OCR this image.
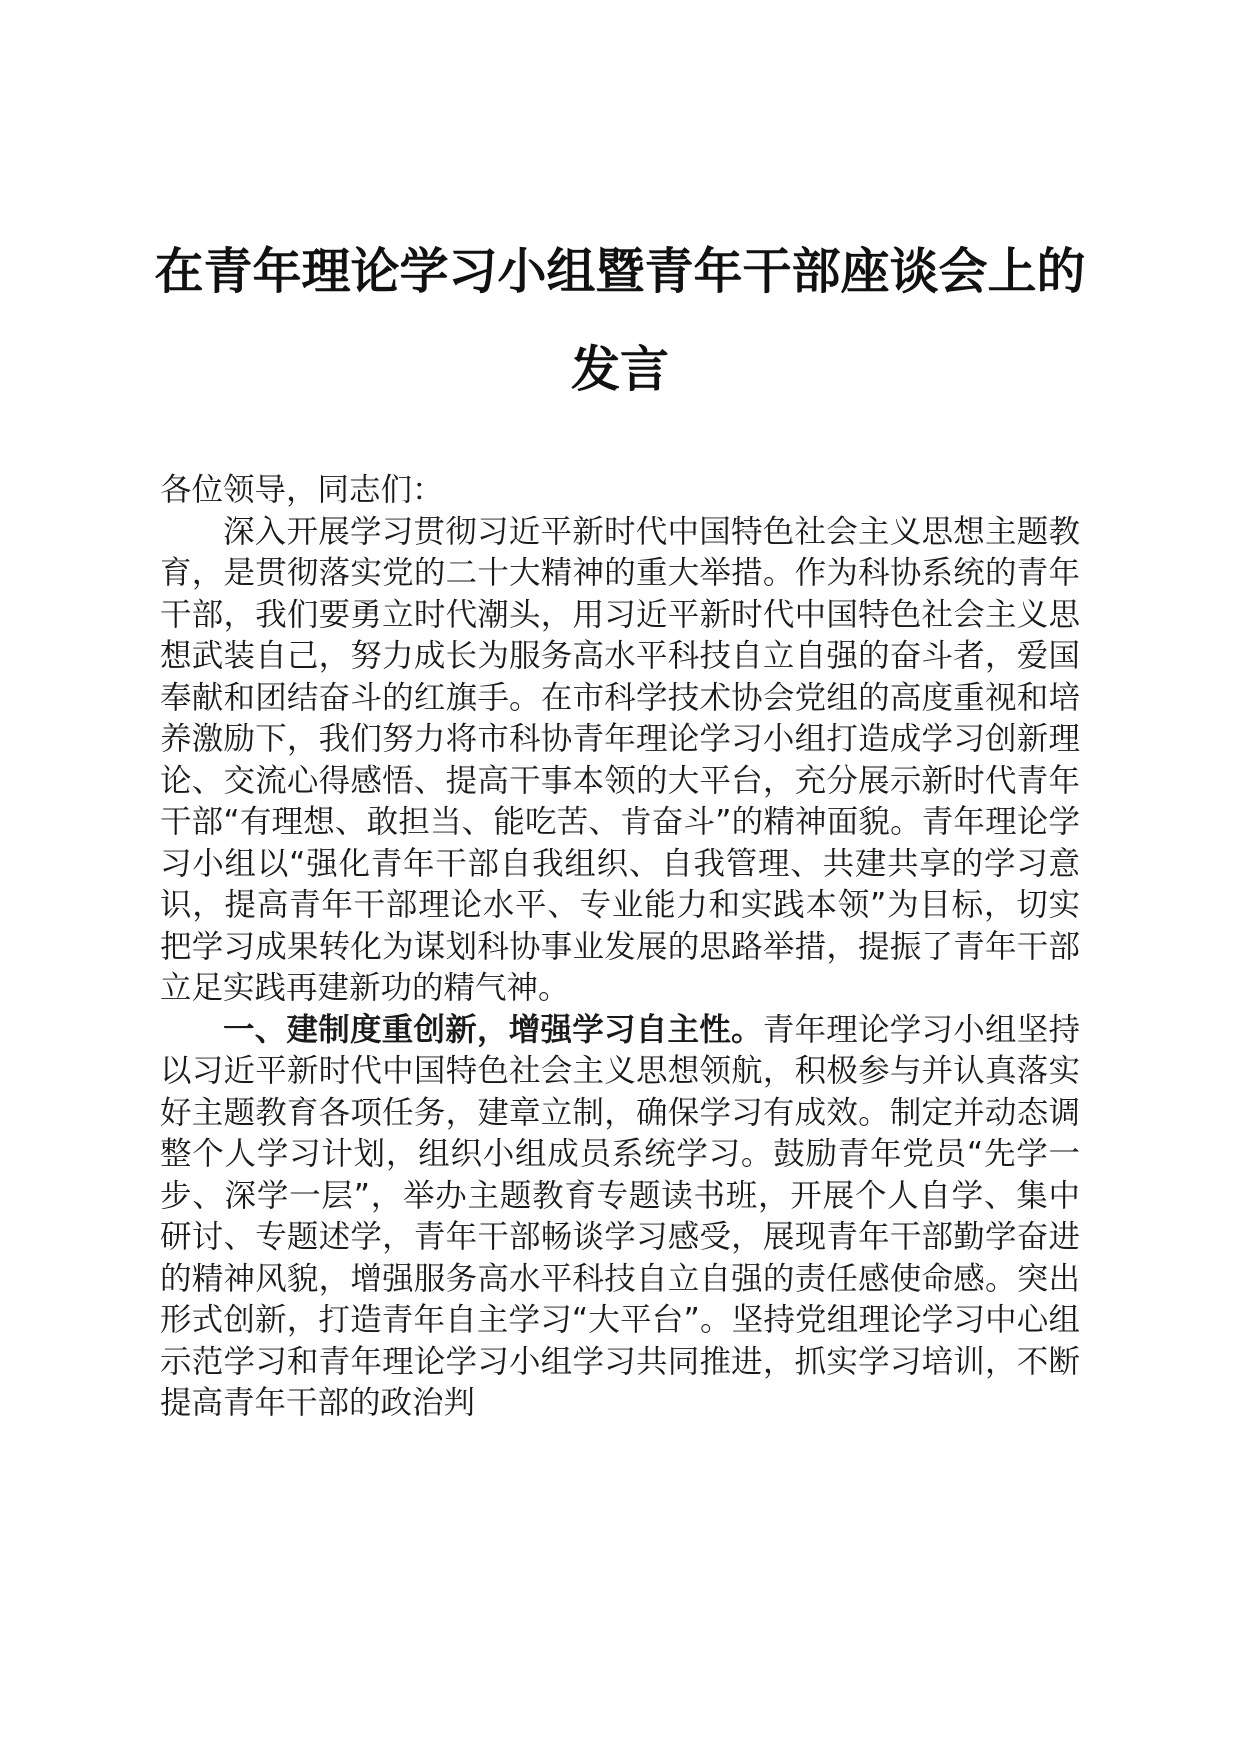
在青年理论学习小组暨青年干部座谈会上的发言

各位领导，同志们：

深入开展学习贯彻习近平新时代中国特色社会主义思想主题教育，是贯彻落实党的二十大精神的重大举措。作为科协系统的青年干部，我们要勇立时代潮头，用习近平新时代中国特色社会主义思想武装自己，努力成长为服务高水平科技自立自强的奋斗者，爱国奉献和团结奋斗的红旗手。在市科学技术协会党组的高度重视和培养激励下，我们努力将市科协青年理论学习小组打造成学习创新理论、交流心得感悟、提高干事本领的大平台，充分展示新时代青年干部“有理想、敢担当、能吃苦、肯奋斗”的精神面貌。青年理论学习小组以“强化青年干部自我组织、自我管理、共建共享的学习意识，提高青年干部理论水平、专业能力和实践本领”为目标，切实把学习成果转化为谋划科协事业发展的思路举措，提振了青年干部立足实践再建新功的精气神。

一、建制度重创新，增强学习自主性。青年理论学习小组坚持以习近平新时代中国特色社会主义思想领航，积极参与并认真落实好主题教育各项任务，建章立制，确保学习有成效。制定并动态调整个人学习计划，组织小组成员系统学习。鼓励青年党员“先学一步、深学一层”，举办主题教育专题读书班，开展个人自学、集中研讨、专题述学，青年干部畅谈学习感受，展现青年干部勤学奋进的精神风貌，增强服务高水平科技自立自强的责任感使命感。突出形式创新，打造青年自主学习“大平台”。坚持党组理论学习中心组示范学习和青年理论学习小组学习共同推进，抓实学习培训，不断提高青年干部的政治判
